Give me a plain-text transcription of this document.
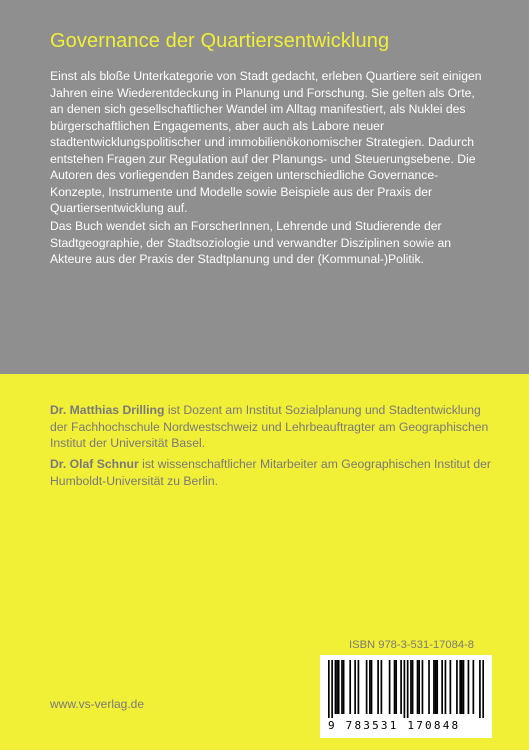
Governance der Quartiersentwicklung

Einst als bloße Unterkategorie von Stadt gedacht, erleben Quartiere seit einigen Jahren eine Wiederentdeckung in Planung und Forschung. Sie gelten als Orte, an denen sich gesellschaftlicher Wandel im Alltag manifestiert, als Nuklei des bürgerschaftlichen Engagements, aber auch als Labore neuer stadtentwicklungspolitischer und immobilienökonomischer Strategien. Dadurch entstehen Fragen zur Regulation auf der Planungs- und Steuerungsebene. Die Autoren des vorliegenden Bandes zeigen unterschiedliche Governance-Konzepte, Instrumente und Modelle sowie Beispiele aus der Praxis der Quartiersentwicklung auf.

Das Buch wendet sich an ForscherInnen, Lehrende und Studierende der Stadtgeographie, der Stadtsoziologie und verwandter Disziplinen sowie an Akteure aus der Praxis der Stadtplanung und der (Kommunal-)Politik.

Dr. Matthias Drilling ist Dozent am Institut Sozialplanung und Stadtentwicklung der Fachhochschule Nordwestschweiz und Lehrbeauftragter am Geographischen Institut der Universität Basel.

Dr. Olaf Schnur ist wissenschaftlicher Mitarbeiter am Geographischen Institut der Humboldt-Universität zu Berlin.

ISBN 978-3-531-17084-8
9 783531 170848
www.vs-verlag.de
